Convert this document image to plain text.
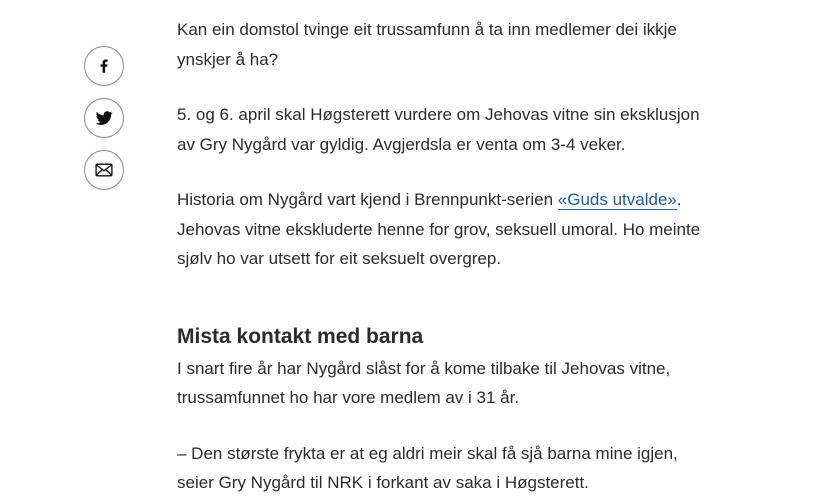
Kan ein domstol tvinge eit trussamfunn å ta inn medlemer dei ikkje ynskjer å ha?

5. og 6. april skal Høgsterett vurdere om Jehovas vitne sin eksklusjon av Gry Nygård var gyldig. Avgjerdsla er venta om 3-4 veker.

Historia om Nygård vart kjend i Brennpunkt-serien «Guds utvalde». Jehovas vitne ekskluderte henne for grov, seksuell umoral. Ho meinte sjølv ho var utsett for eit seksuelt overgrep.

Mista kontakt med barna

I snart fire år har Nygård slåst for å kome tilbake til Jehovas vitne, trussamfunnet ho har vore medlem av i 31 år.

– Den største frykta er at eg aldri meir skal få sjå barna mine igjen, seier Gry Nygård til NRK i forkant av saka i Høgsterett.
